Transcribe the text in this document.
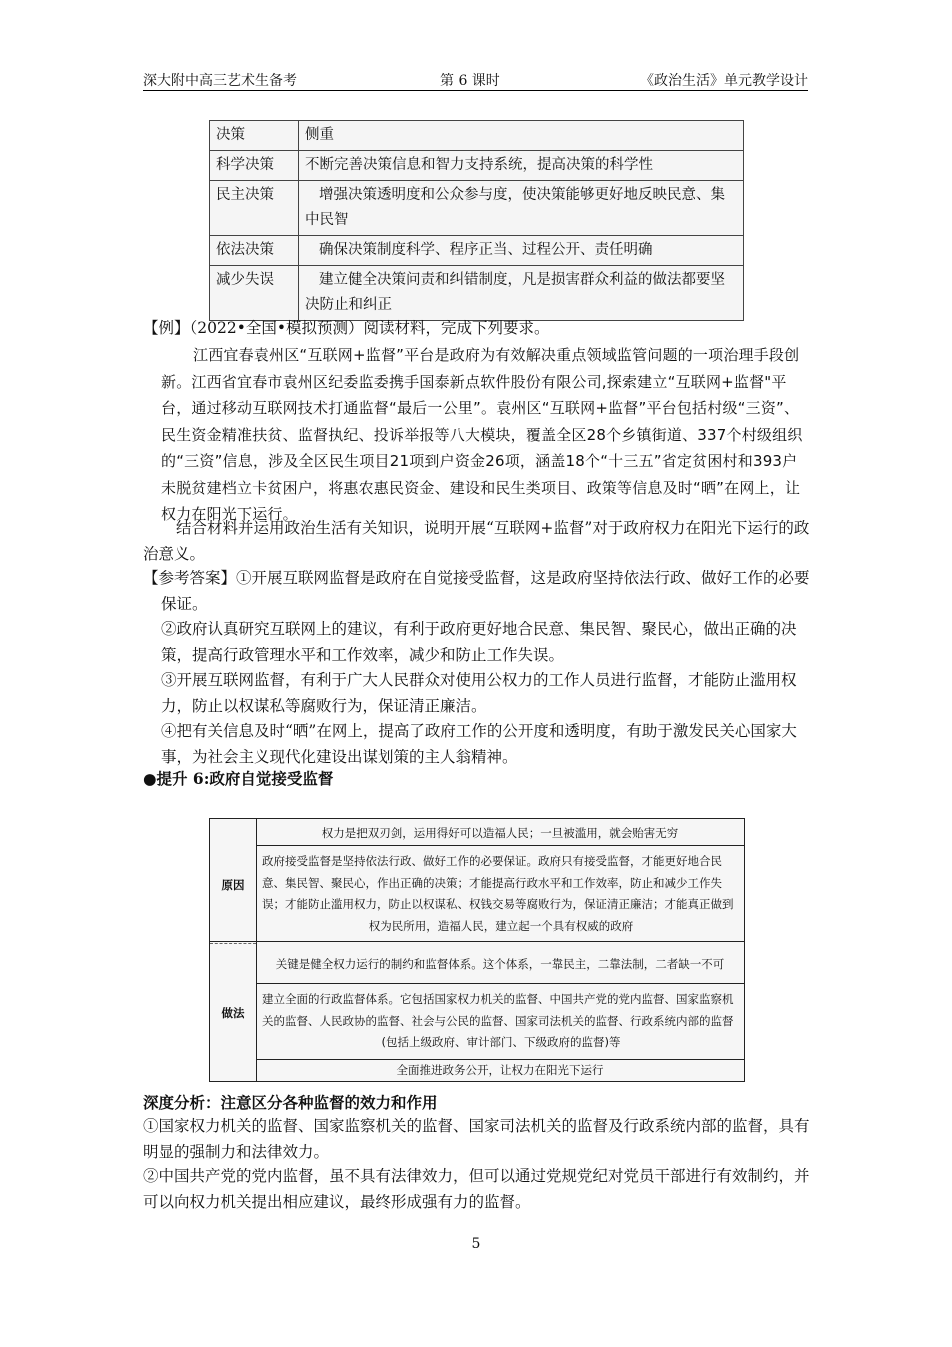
深大附中高三艺术生备考	第 6 课时	《政治生活》单元教学设计
决策	侧重
科学决策	不断完善决策信息和智力支持系统，提高决策的科学性
民主决策	增强决策透明度和公众参与度，使决策能够更好地反映民意、集中民智
依法决策	确保决策制度科学、程序正当、过程公开、责任明确
减少失误	建立健全决策问责和纠错制度，凡是损害群众利益的做法都要坚决防止和纠正
【例】（2022•全国•模拟预测）阅读材料，完成下列要求。
江西宜春袁州区“互联网+监督”平台是政府为有效解决重点领域监管问题的一项治理手段创新。江西省宜春市袁州区纪委监委携手国泰新点软件股份有限公司,探索建立“互联网+监督"平台，通过移动互联网技术打通监督“最后一公里”。袁州区“互联网+监督”平台包括村级“三资”、民生资金精准扶贫、监督执纪、投诉举报等八大模块，覆盖全区28个乡镇街道、337个村级组织的“三资”信息，涉及全区民生项目21项到户资金26项，涵盖18个“十三五”省定贫困村和393户未脱贫建档立卡贫困户，将惠农惠民资金、建设和民生类项目、政策等信息及时“晒”在网上，让权力在阳光下运行。
结合材料并运用政治生活有关知识，说明开展“互联网+监督”对于政府权力在阳光下运行的政治意义。
【参考答案】①开展互联网监督是政府在自觉接受监督，这是政府坚持依法行政、做好工作的必要保证。
②政府认真研究互联网上的建议，有利于政府更好地合民意、集民智、聚民心，做出正确的决策，提高行政管理水平和工作效率，减少和防止工作失误。
③开展互联网监督，有利于广大人民群众对使用公权力的工作人员进行监督，才能防止滥用权力，防止以权谋私等腐败行为，保证清正廉洁。
④把有关信息及时“晒”在网上，提高了政府工作的公开度和透明度，有助于激发民关心国家大事，为社会主义现代化建设出谋划策的主人翁精神。
●提升 6:政府自觉接受监督
原因
权力是把双刃剑，运用得好可以造福人民；一旦被滥用，就会贻害无穷
政府接受监督是坚持依法行政、做好工作的必要保证。政府只有接受监督，才能更好地合民意、集民智、聚民心，作出正确的决策；才能提高行政水平和工作效率，防止和减少工作失误；才能防止滥用权力，防止以权谋私、权钱交易等腐败行为，保证清正廉洁；才能真正做到权为民所用，造福人民，建立起一个具有权威的政府
做法
关键是健全权力运行的制约和监督体系。这个体系，一靠民主，二靠法制，二者缺一不可
建立全面的行政监督体系。它包括国家权力机关的监督、中国共产党的党内监督、国家监察机关的监督、人民政协的监督、社会与公民的监督、国家司法机关的监督、行政系统内部的监督(包括上级政府、审计部门、下级政府的监督)等
全面推进政务公开，让权力在阳光下运行
深度分析：注意区分各种监督的效力和作用
①国家权力机关的监督、国家监察机关的监督、国家司法机关的监督及行政系统内部的监督，具有明显的强制力和法律效力。
②中国共产党的党内监督，虽不具有法律效力，但可以通过党规党纪对党员干部进行有效制约，并可以向权力机关提出相应建议，最终形成强有力的监督。
5
